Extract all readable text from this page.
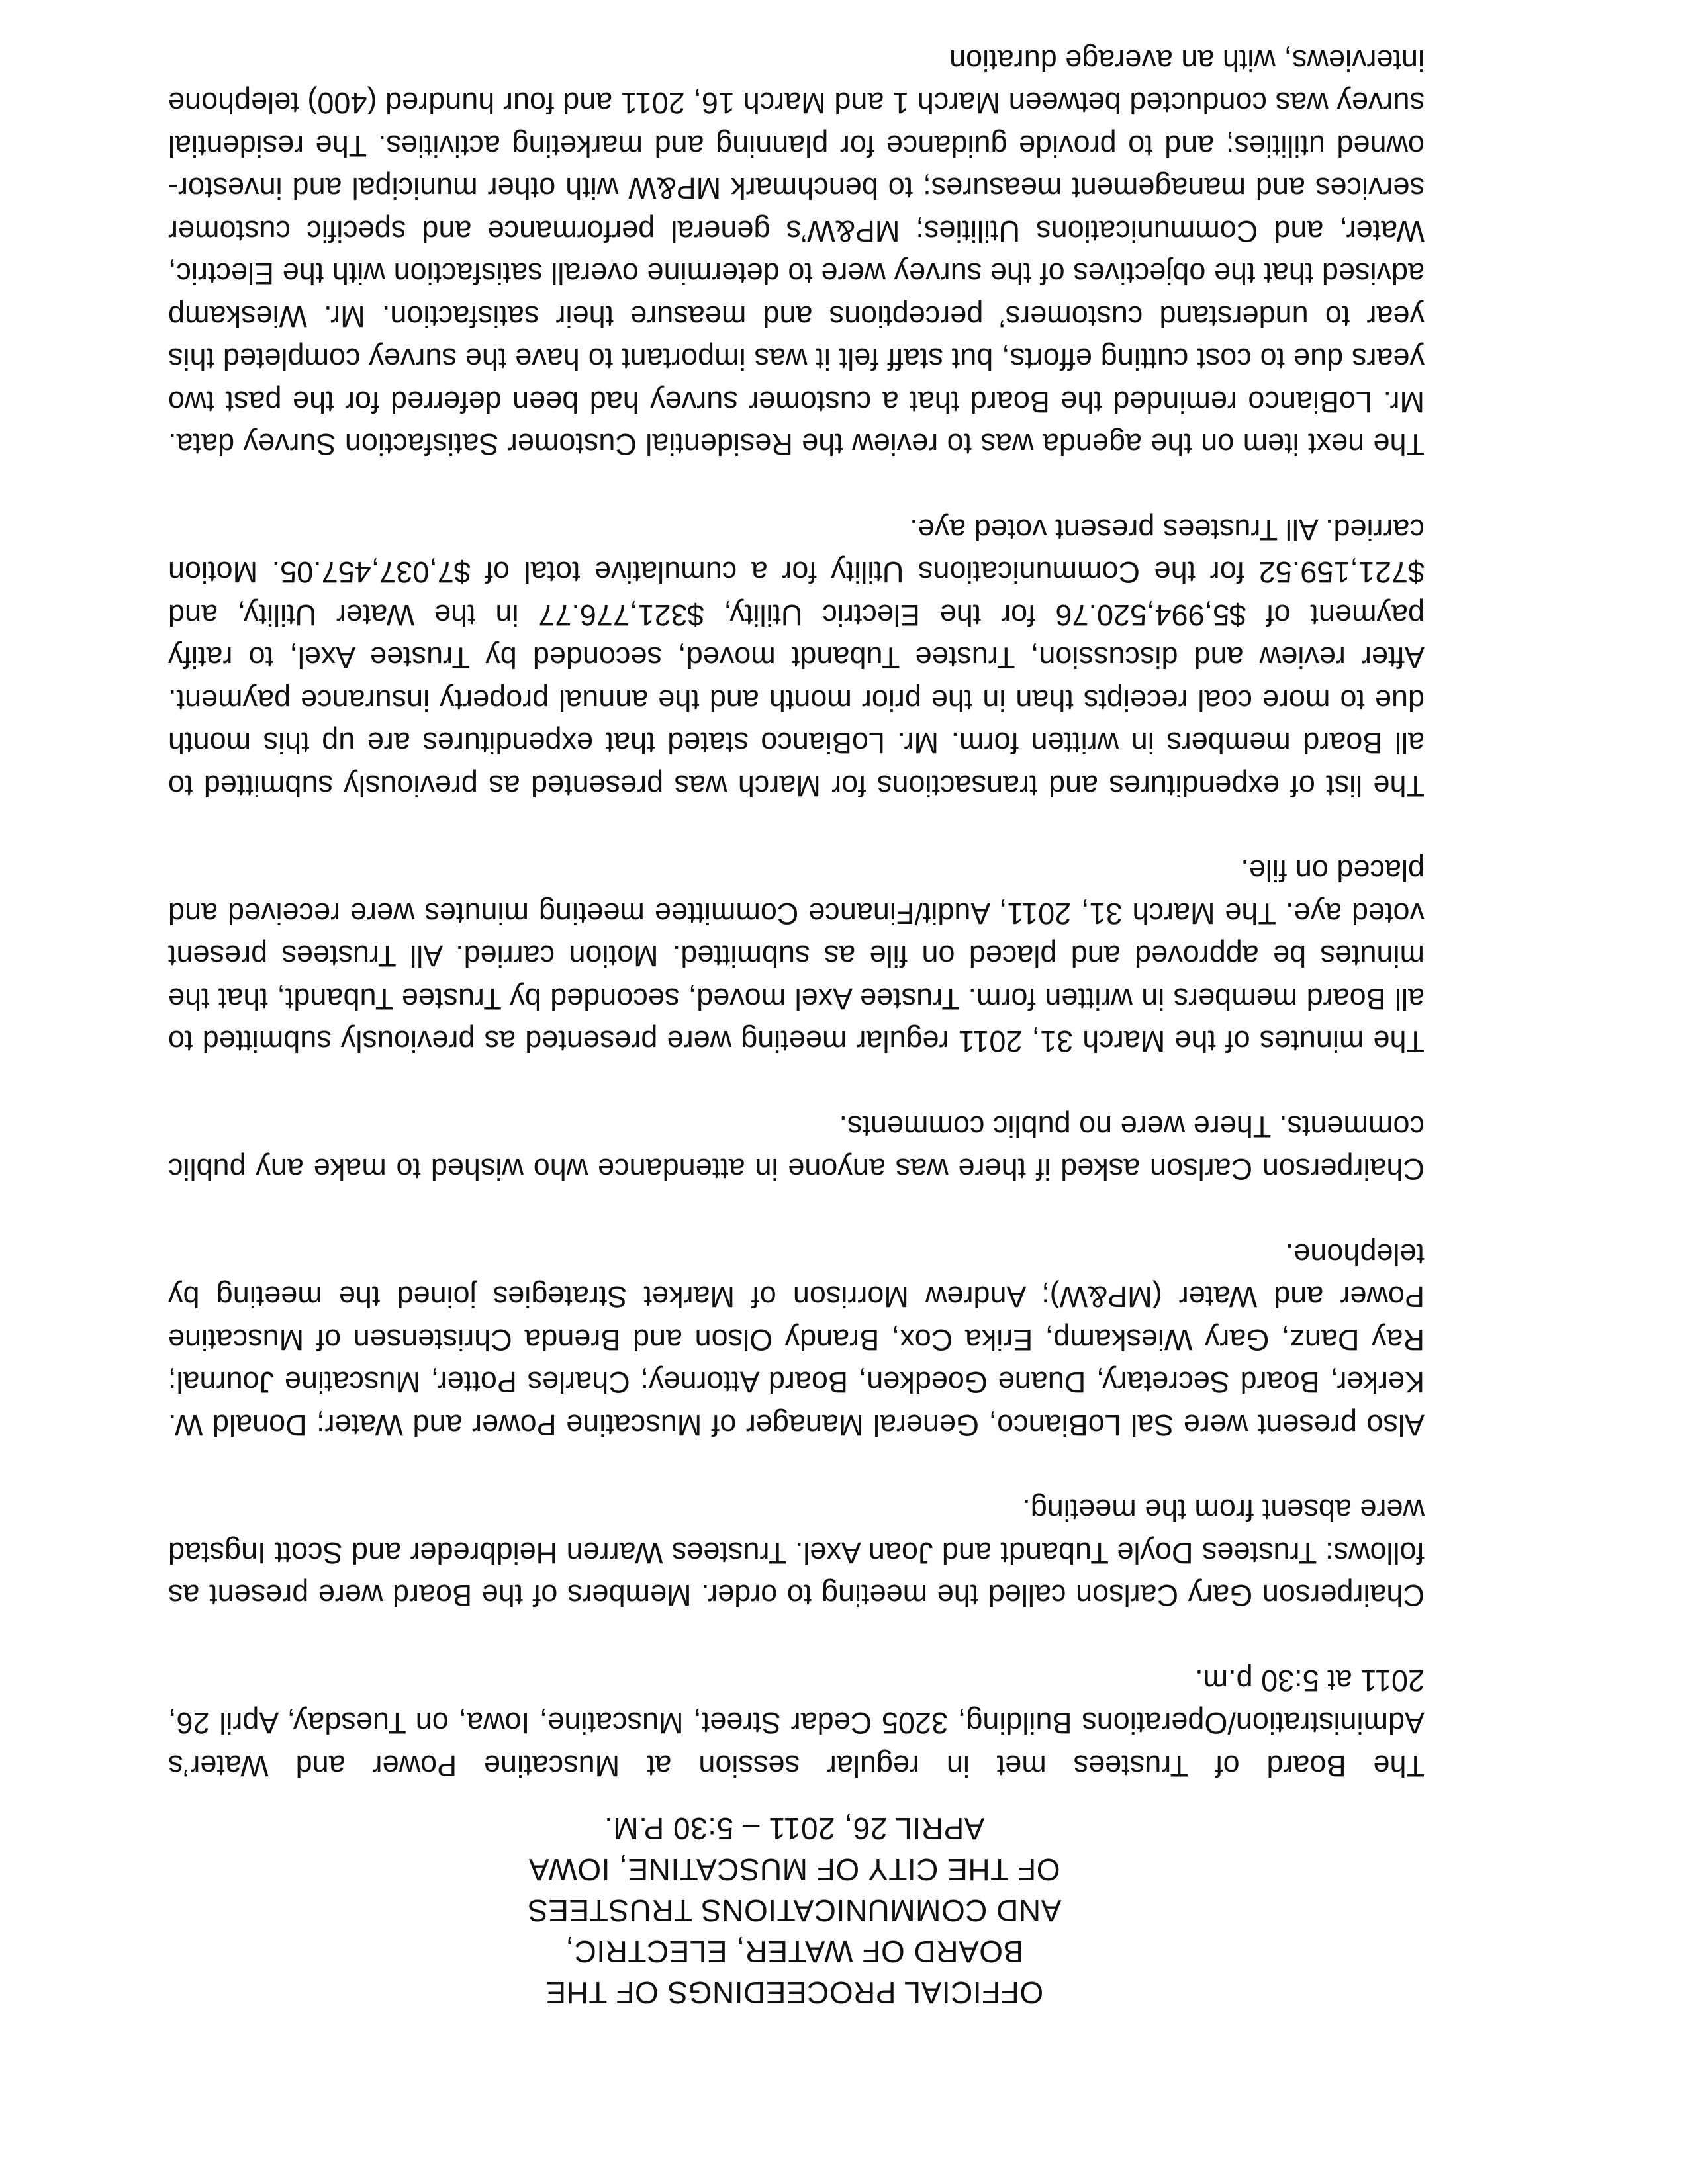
OFFICIAL PROCEEDINGS OF THE
BOARD OF WATER, ELECTRIC,
AND COMMUNICATIONS TRUSTEES
OF THE CITY OF MUSCATINE, IOWA
APRIL 26, 2011 – 5:30 P.M.

The Board of Trustees met in regular session at Muscatine Power and Water’s Administration/Operations Building, 3205 Cedar Street, Muscatine, Iowa, on Tuesday, April 26, 2011 at 5:30 p.m.

Chairperson Gary Carlson called the meeting to order. Members of the Board were present as follows: Trustees Doyle Tubandt and Joan Axel. Trustees Warren Heidbreder and Scott Ingstad were absent from the meeting.

Also present were Sal LoBianco, General Manager of Muscatine Power and Water; Donald W. Kerker, Board Secretary, Duane Goedken, Board Attorney; Charles Potter, Muscatine Journal; Ray Danz, Gary Wieskamp, Erika Cox, Brandy Olson and Brenda Christensen of Muscatine Power and Water (MP&W); Andrew Morrison of Market Strategies joined the meeting by telephone.

Chairperson Carlson asked if there was anyone in attendance who wished to make any public comments. There were no public comments.

The minutes of the March 31, 2011 regular meeting were presented as previously submitted to all Board members in written form. Trustee Axel moved, seconded by Trustee Tubandt, that the minutes be approved and placed on file as submitted. Motion carried. All Trustees present voted aye. The March 31, 2011, Audit/Finance Committee meeting minutes were received and placed on file.

The list of expenditures and transactions for March was presented as previously submitted to all Board members in written form. Mr. LoBianco stated that expenditures are up this month due to more coal receipts than in the prior month and the annual property insurance payment. After review and discussion, Trustee Tubandt moved, seconded by Trustee Axel, to ratify payment of $5,994,520.76 for the Electric Utility, $321,776.77 in the Water Utility, and $721,159.52 for the Communications Utility for a cumulative total of $7,037,457.05. Motion carried. All Trustees present voted aye.

The next item on the agenda was to review the Residential Customer Satisfaction Survey data. Mr. LoBianco reminded the Board that a customer survey had been deferred for the past two years due to cost cutting efforts, but staff felt it was important to have the survey completed this year to understand customers’ perceptions and measure their satisfaction. Mr. Wieskamp advised that the objectives of the survey were to determine overall satisfaction with the Electric, Water, and Communications Utilities; MP&W’s general performance and specific customer services and management measures; to benchmark MP&W with other municipal and investor-owned utilities; and to provide guidance for planning and marketing activities. The residential survey was conducted between March 1 and March 16, 2011 and four hundred (400) telephone interviews, with an average duration
